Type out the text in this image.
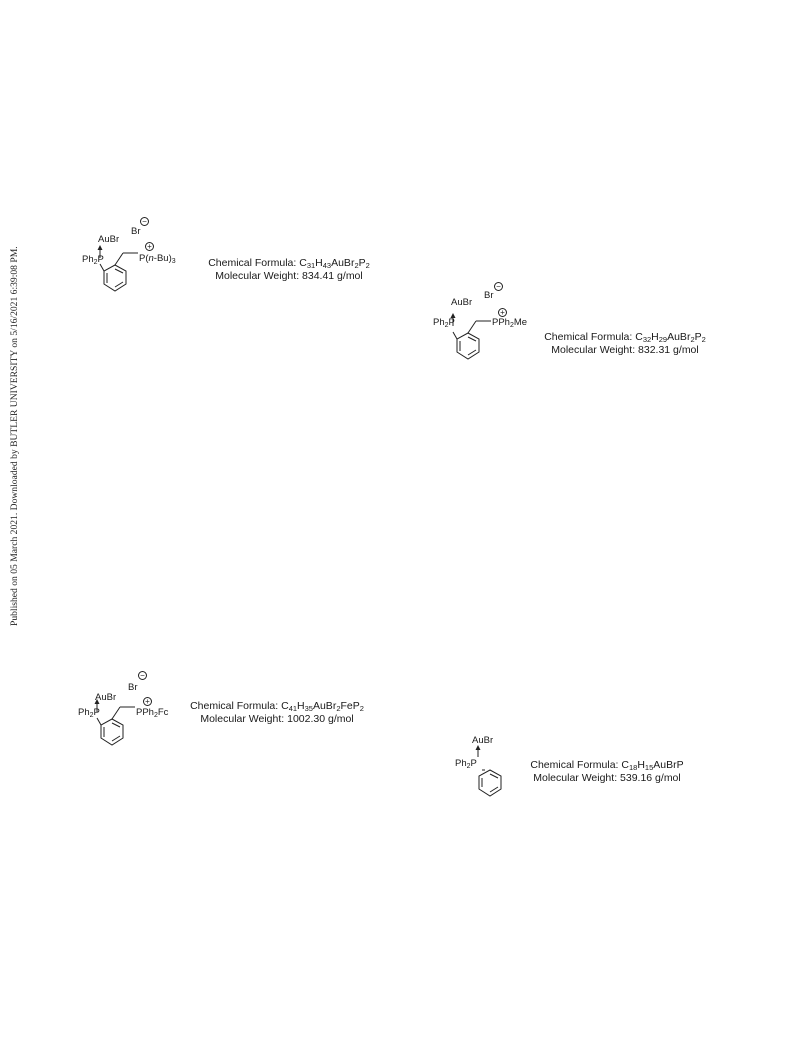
Published on 05 March 2021. Downloaded by BUTLER UNIVERSITY on 5/16/2021 6:39:08 PM.
AuBr
$Ph_2P$
Br
−
+
$P(n-Bu)_3$	Chemical Formula: $C_{31}H_{43}AuBr_2P_2$
Molecular Weight: 834.41 g/mol
AuBr
$Ph_2P$
Br
−
+
PPh$_2$Me
Chemical Formula: $C_{32}H_{29}AuBr_2P_2$
Molecular Weight: 832.31 g/mol
AuBr
$Ph_2P$
Br
−
+
PPh$_2$Fc
Chemical Formula: $C_{41}H_{35}AuBr_2FeP_2$
Molecular Weight: 1002.30 g/mol
AuBr
$Ph_2P$	Chemical Formula: $C_{18}H_{15}AuBrP$
Molecular Weight: 539.16 g/mol
